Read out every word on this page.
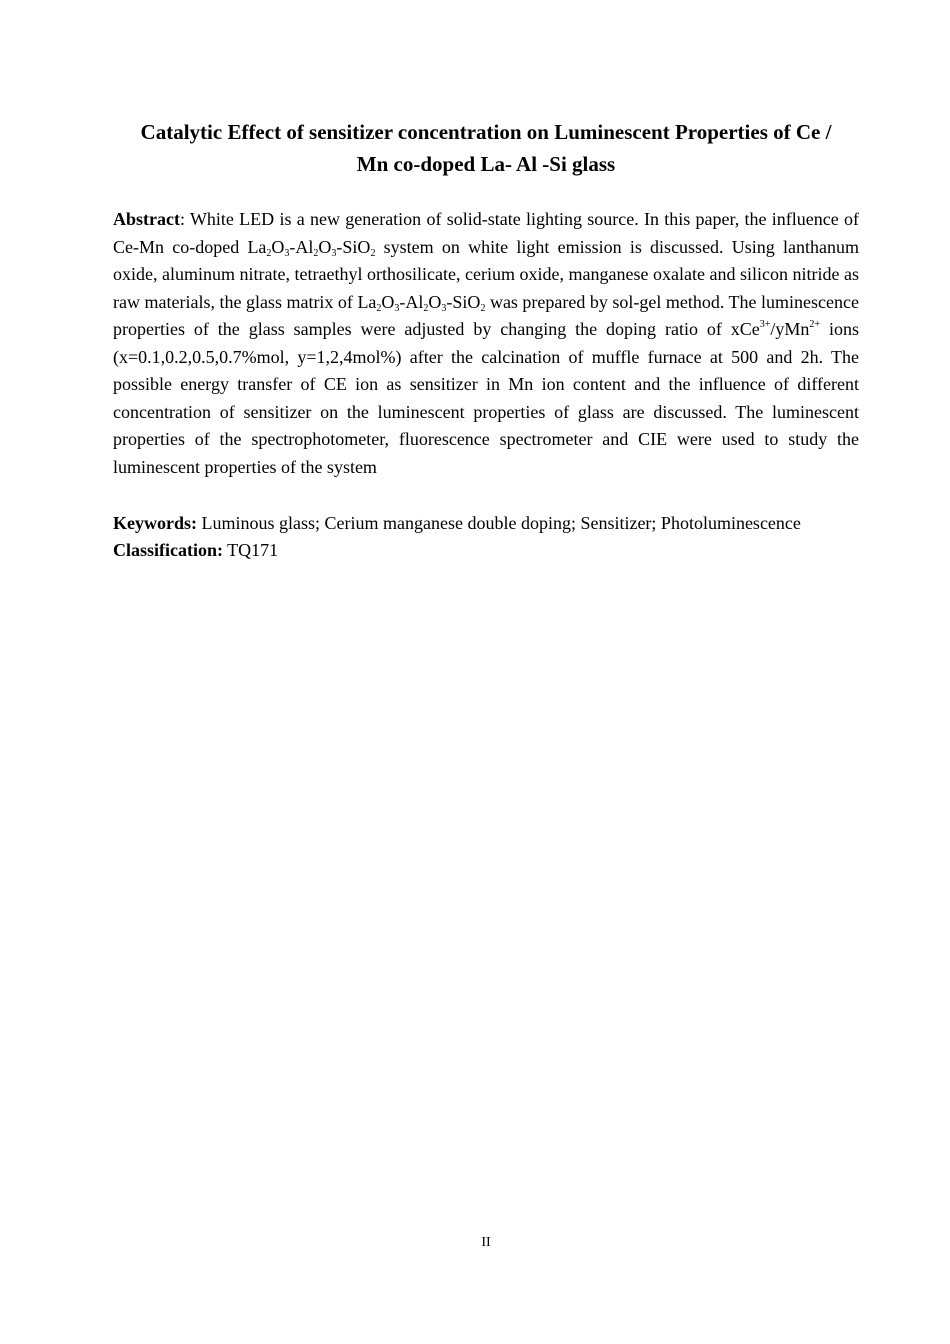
Catalytic Effect of sensitizer concentration on Luminescent Properties of Ce /
Mn co-doped La- Al -Si glass

Abstract: White LED is a new generation of solid-state lighting source. In this paper, the influence of Ce-Mn co-doped $La_2O_3-Al_2O_3-SiO_2$ system on white light emission is discussed. Using lanthanum oxide, aluminum nitrate, tetraethyl orthosilicate, cerium oxide, manganese oxalate and silicon nitride as raw materials, the glass matrix of $La_2O_3-Al_2O_3-SiO_2$ was prepared by sol-gel method. The luminescence properties of the glass samples were adjusted by changing the doping ratio of xCe$^{3+}$/yMn$^{2+}$ ions (x=0.1,0.2,0.5,0.7%mol, y=1,2,4mol%) after the calcination of muffle furnace at 500 and 2h. The possible energy transfer of CE ion as sensitizer in Mn ion content and the influence of different concentration of sensitizer on the luminescent properties of glass are discussed. The luminescent properties of the spectrophotometer, fluorescence spectrometer and CIE were used to study the luminescent properties of the system

Keywords: Luminous glass; Cerium manganese double doping; Sensitizer; Photoluminescence

Classification: TQ171

II
